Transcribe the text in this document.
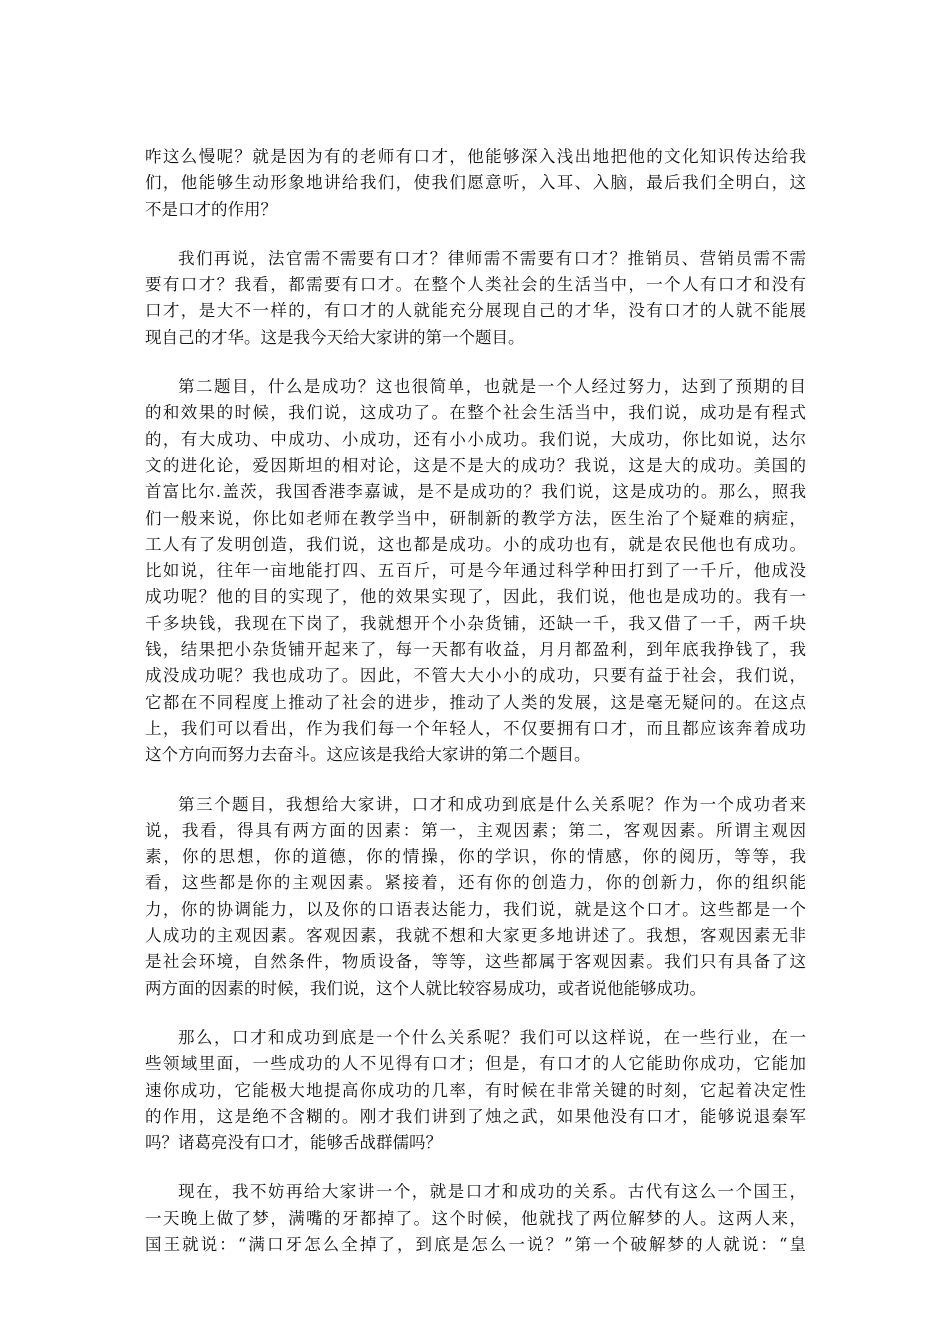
咋这么慢呢？就是因为有的老师有口才，他能够深入浅出地把他的文化知识传达给我
们，他能够生动形象地讲给我们，使我们愿意听，入耳、入脑，最后我们全明白，这
不是口才的作用？
我们再说，法官需不需要有口才？律师需不需要有口才？推销员、营销员需不需
要有口才？我看，都需要有口才。在整个人类社会的生活当中，一个人有口才和没有
口才，是大不一样的，有口才的人就能充分展现自己的才华，没有口才的人就不能展
现自己的才华。这是我今天给大家讲的第一个题目。
第二题目，什么是成功？这也很简单，也就是一个人经过努力，达到了预期的目
的和效果的时候，我们说，这成功了。在整个社会生活当中，我们说，成功是有程式
的，有大成功、中成功、小成功，还有小小成功。我们说，大成功，你比如说，达尔
文的进化论，爱因斯坦的相对论，这是不是大的成功？我说，这是大的成功。美国的
首富比尔.盖茨，我国香港李嘉诚，是不是成功的？我们说，这是成功的。那么，照我
们一般来说，你比如老师在教学当中，研制新的教学方法，医生治了个疑难的病症，
工人有了发明创造，我们说，这也都是成功。小的成功也有，就是农民他也有成功。
比如说，往年一亩地能打四、五百斤，可是今年通过科学种田打到了一千斤，他成没
成功呢？他的目的实现了，他的效果实现了，因此，我们说，他也是成功的。我有一
千多块钱，我现在下岗了，我就想开个小杂货铺，还缺一千，我又借了一千，两千块
钱，结果把小杂货铺开起来了，每一天都有收益，月月都盈利，到年底我挣钱了，我
成没成功呢？我也成功了。因此，不管大大小小的成功，只要有益于社会，我们说，
它都在不同程度上推动了社会的进步，推动了人类的发展，这是毫无疑问的。在这点
上，我们可以看出，作为我们每一个年轻人，不仅要拥有口才，而且都应该奔着成功
这个方向而努力去奋斗。这应该是我给大家讲的第二个题目。
第三个题目，我想给大家讲，口才和成功到底是什么关系呢？作为一个成功者来
说，我看，得具有两方面的因素：第一，主观因素；第二，客观因素。所谓主观因
素，你的思想，你的道德，你的情操，你的学识，你的情感，你的阅历，等等，我
看，这些都是你的主观因素。紧接着，还有你的创造力，你的创新力，你的组织能
力，你的协调能力，以及你的口语表达能力，我们说，就是这个口才。这些都是一个
人成功的主观因素。客观因素，我就不想和大家更多地讲述了。我想，客观因素无非
是社会环境，自然条件，物质设备，等等，这些都属于客观因素。我们只有具备了这
两方面的因素的时候，我们说，这个人就比较容易成功，或者说他能够成功。
那么，口才和成功到底是一个什么关系呢？我们可以这样说，在一些行业，在一
些领域里面，一些成功的人不见得有口才；但是，有口才的人它能助你成功，它能加
速你成功，它能极大地提高你成功的几率，有时候在非常关键的时刻，它起着决定性
的作用，这是绝不含糊的。刚才我们讲到了烛之武，如果他没有口才，能够说退秦军
吗？诸葛亮没有口才，能够舌战群儒吗？
现在，我不妨再给大家讲一个，就是口才和成功的关系。古代有这么一个国王，
一天晚上做了梦，满嘴的牙都掉了。这个时候，他就找了两位解梦的人。这两人来，
国王就说：“满口牙怎么全掉了，到底是怎么一说？”第一个破解梦的人就说：“皇
